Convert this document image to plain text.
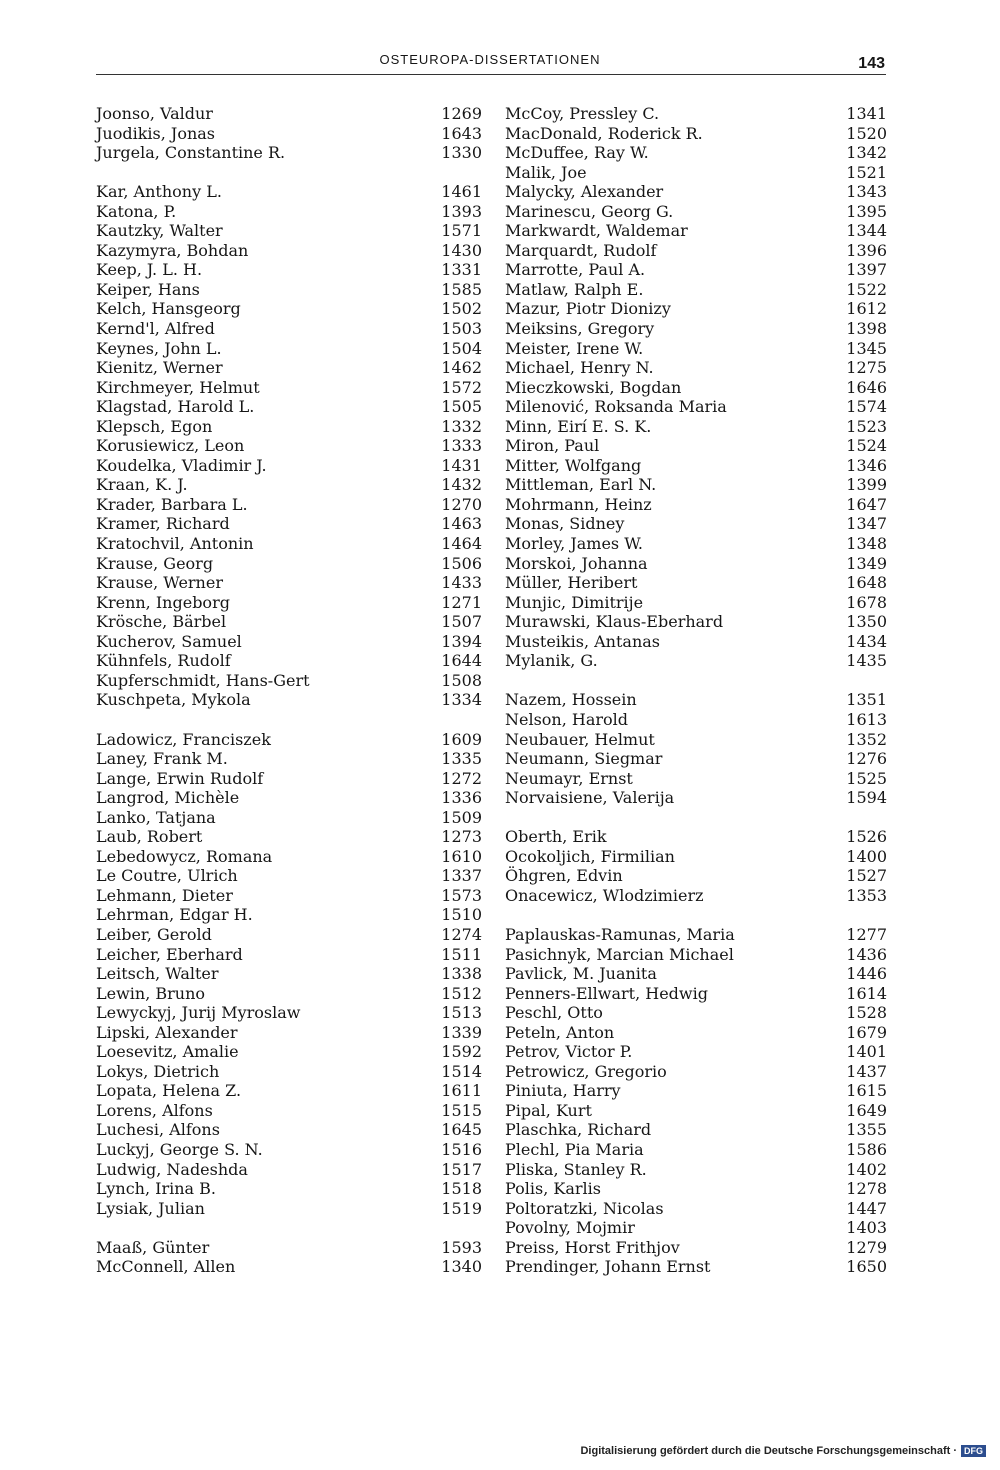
OSTEUROPA-DISSERTATIONEN	143
Joonso, Valdur	1269
Juodikis, Jonas	1643
Jurgela, Constantine R.	1330
Kar, Anthony L.	1461
Katona, P.	1393
Kautzky, Walter	1571
Kazymyra, Bohdan	1430
Keep, J. L. H.	1331
Keiper, Hans	1585
Kelch, Hansgeorg	1502
Kernd'l, Alfred	1503
Keynes, John L.	1504
Kienitz, Werner	1462
Kirchmeyer, Helmut	1572
Klagstad, Harold L.	1505
Klepsch, Egon	1332
Korusiewicz, Leon	1333
Koudelka, Vladimir J.	1431
Kraan, K. J.	1432
Krader, Barbara L.	1270
Kramer, Richard	1463
Kratochvil, Antonin	1464
Krause, Georg	1506
Krause, Werner	1433
Krenn, Ingeborg	1271
Krösche, Bärbel	1507
Kucherov, Samuel	1394
Kühnfels, Rudolf	1644
Kupferschmidt, Hans-Gert	1508
Kuschpeta, Mykola	1334
Ladowicz, Franciszek	1609
Laney, Frank M.	1335
Lange, Erwin Rudolf	1272
Langrod, Michèle	1336
Lanko, Tatjana	1509
Laub, Robert	1273
Lebedowycz, Romana	1610
Le Coutre, Ulrich	1337
Lehmann, Dieter	1573
Lehrman, Edgar H.	1510
Leiber, Gerold	1274
Leicher, Eberhard	1511
Leitsch, Walter	1338
Lewin, Bruno	1512
Lewyckyj, Jurij Myroslaw	1513
Lipski, Alexander	1339
Loesevitz, Amalie	1592
Lokys, Dietrich	1514
Lopata, Helena Z.	1611
Lorens, Alfons	1515
Luchesi, Alfons	1645
Luckyj, George S. N.	1516
Ludwig, Nadeshda	1517
Lynch, Irina B.	1518
Lysiak, Julian	1519
Maaß, Günter	1593
McConnell, Allen	1340
McCoy, Pressley C.	1341
MacDonald, Roderick R.	1520
McDuffee, Ray W.	1342
Malik, Joe	1521
Malycky, Alexander	1343
Marinescu, Georg G.	1395
Markwardt, Waldemar	1344
Marquardt, Rudolf	1396
Marrotte, Paul A.	1397
Matlaw, Ralph E.	1522
Mazur, Piotr Dionizy	1612
Meiksins, Gregory	1398
Meister, Irene W.	1345
Michael, Henry N.	1275
Mieczkowski, Bogdan	1646
Milenović, Roksanda Maria	1574
Minn, Eirí E. S. K.	1523
Miron, Paul	1524
Mitter, Wolfgang	1346
Mittleman, Earl N.	1399
Mohrmann, Heinz	1647
Monas, Sidney	1347
Morley, James W.	1348
Morskoi, Johanna	1349
Müller, Heribert	1648
Munjic, Dimitrije	1678
Murawski, Klaus-Eberhard	1350
Musteikis, Antanas	1434
Mylanik, G.	1435
Nazem, Hossein	1351
Nelson, Harold	1613
Neubauer, Helmut	1352
Neumann, Siegmar	1276
Neumayr, Ernst	1525
Norvaisiene, Valerija	1594
Oberth, Erik	1526
Ocokoljich, Firmilian	1400
Öhgren, Edvin	1527
Onacewicz, Wlodzimierz	1353
Paplauskas-Ramunas, Maria	1277
Pasichnyk, Marcian Michael	1436
Pavlick, M. Juanita	1446
Penners-Ellwart, Hedwig	1614
Peschl, Otto	1528
Peteln, Anton	1679
Petrov, Victor P.	1401
Petrowicz, Gregorio	1437
Piniuta, Harry	1615
Pipal, Kurt	1649
Plaschka, Richard	1355
Plechl, Pia Maria	1586
Pliska, Stanley R.	1402
Polis, Karlis	1278
Poltoratzki, Nicolas	1447
Povolny, Mojmir	1403
Preiss, Horst Frithjov	1279
Prendinger, Johann Ernst	1650
Digitalisierung gefördert durch die Deutsche Forschungsgemeinschaft · DFG
